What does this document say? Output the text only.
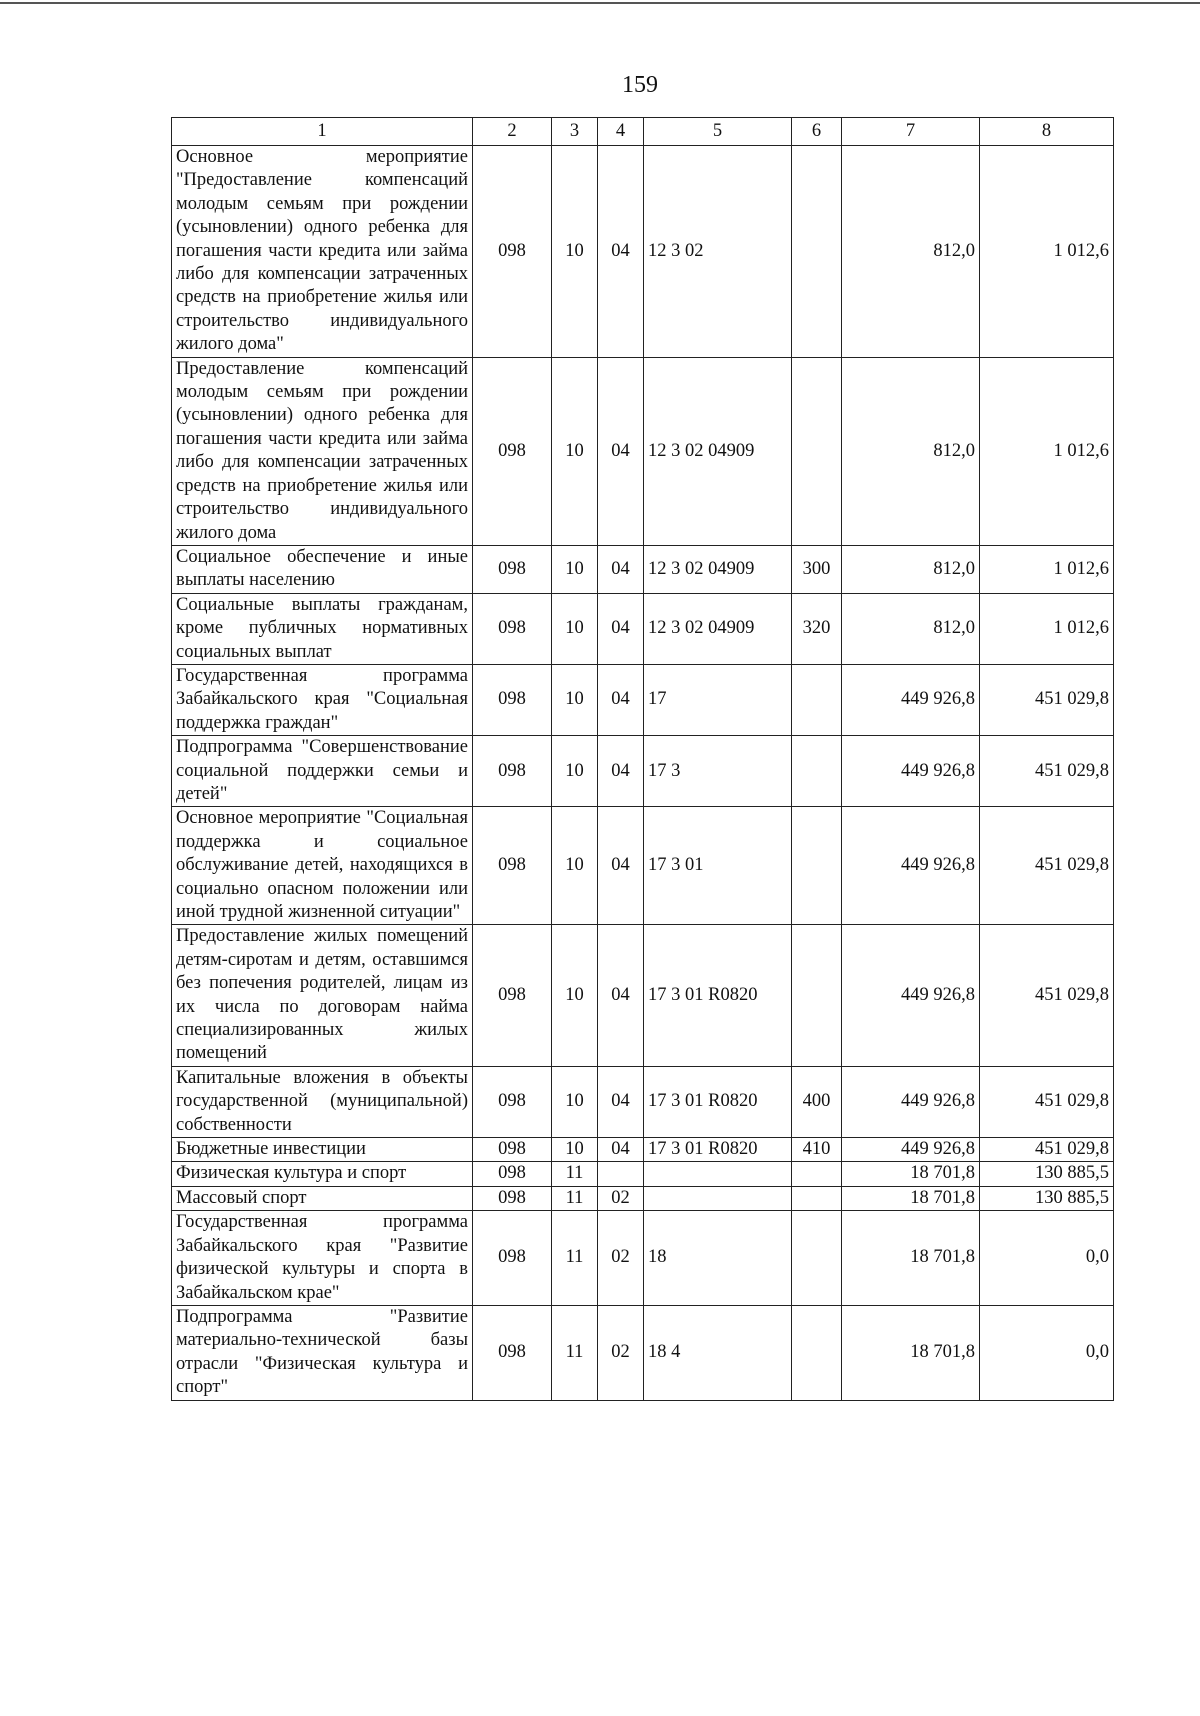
159
1	2	3	4	5	6	7	8
Основное мероприятие "Предоставление компенсаций молодым семьям при рождении (усыновлении) одного ребенка для погашения части кредита или займа либо для компенсации затраченных средств на приобретение жилья или строительство индивидуального жилого дома"	098	10	04	12 3 02		812,0	1 012,6
Предоставление компенсаций молодым семьям при рождении (усыновлении) одного ребенка для погашения части кредита или займа либо для компенсации затраченных средств на приобретение жилья или строительство индивидуального жилого дома	098	10	04	12 3 02 04909		812,0	1 012,6
Социальное обеспечение и иные выплаты населению	098	10	04	12 3 02 04909	300	812,0	1 012,6
Социальные выплаты гражданам, кроме публичных нормативных социальных выплат	098	10	04	12 3 02 04909	320	812,0	1 012,6
Государственная программа Забайкальского края "Социальная поддержка граждан"	098	10	04	17		449 926,8	451 029,8
Подпрограмма "Совершенствование социальной поддержки семьи и детей"	098	10	04	17 3		449 926,8	451 029,8
Основное мероприятие "Социальная поддержка и социальное обслуживание детей, находящихся в социально опасном положении или иной трудной жизненной ситуации"	098	10	04	17 3 01		449 926,8	451 029,8
Предоставление жилых помещений детям-сиротам и детям, оставшимся без попечения родителей, лицам из их числа по договорам найма специализированных жилых помещений	098	10	04	17 3 01 R0820		449 926,8	451 029,8
Капитальные вложения в объекты государственной (муниципальной) собственности	098	10	04	17 3 01 R0820	400	449 926,8	451 029,8
Бюджетные инвестиции	098	10	04	17 3 01 R0820	410	449 926,8	451 029,8
Физическая культура и спорт	098	11				18 701,8	130 885,5
Массовый спорт	098	11	02			18 701,8	130 885,5
Государственная программа Забайкальского края "Развитие физической культуры и спорта в Забайкальском крае"	098	11	02	18		18 701,8	0,0
Подпрограмма "Развитие материально-технической базы отрасли "Физическая культура и спорт"	098	11	02	18 4		18 701,8	0,0
